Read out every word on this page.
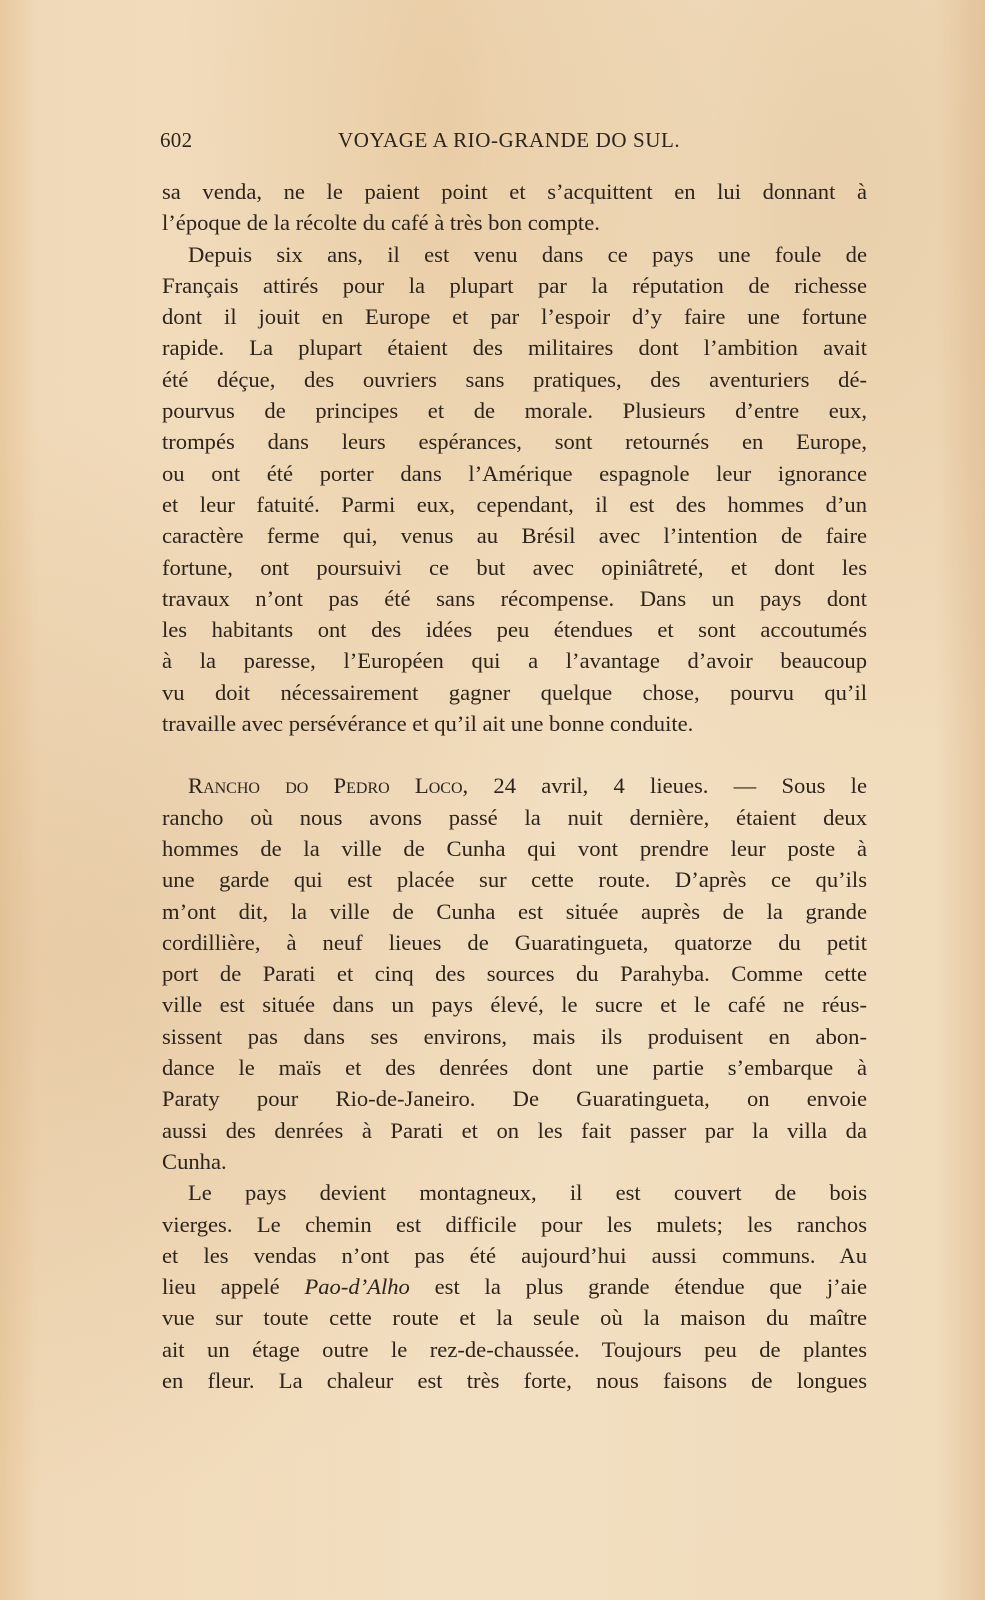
602	VOYAGE A RIO-GRANDE DO SUL.
sa venda, ne le paient point et s’acquittent en lui donnant à
l’époque de la récolte du café à très bon compte.
Depuis six ans, il est venu dans ce pays une foule de
Français attirés pour la plupart par la réputation de richesse
dont il jouit en Europe et par l’espoir d’y faire une fortune
rapide. La plupart étaient des militaires dont l’ambition avait
été déçue, des ouvriers sans pratiques, des aventuriers dé-
pourvus de principes et de morale. Plusieurs d’entre eux,
trompés dans leurs espérances, sont retournés en Europe,
ou ont été porter dans l’Amérique espagnole leur ignorance
et leur fatuité. Parmi eux, cependant, il est des hommes d’un
caractère ferme qui, venus au Brésil avec l’intention de faire
fortune, ont poursuivi ce but avec opiniâtreté, et dont les
travaux n’ont pas été sans récompense. Dans un pays dont
les habitants ont des idées peu étendues et sont accoutumés
à la paresse, l’Européen qui a l’avantage d’avoir beaucoup
vu doit nécessairement gagner quelque chose, pourvu qu’il
travaille avec persévérance et qu’il ait une bonne conduite.
Rancho do Pedro Loco, 24 avril, 4 lieues. — Sous le
rancho où nous avons passé la nuit dernière, étaient deux
hommes de la ville de Cunha qui vont prendre leur poste à
une garde qui est placée sur cette route. D’après ce qu’ils
m’ont dit, la ville de Cunha est située auprès de la grande
cordillière, à neuf lieues de Guaratingueta, quatorze du petit
port de Parati et cinq des sources du Parahyba. Comme cette
ville est située dans un pays élevé, le sucre et le café ne réus-
sissent pas dans ses environs, mais ils produisent en abon-
dance le maïs et des denrées dont une partie s’embarque à
Paraty pour Rio-de-Janeiro. De Guaratingueta, on envoie
aussi des denrées à Parati et on les fait passer par la villa da
Cunha.
Le pays devient montagneux, il est couvert de bois
vierges. Le chemin est difficile pour les mulets; les ranchos
et les vendas n’ont pas été aujourd’hui aussi communs. Au
lieu appelé Pao-d’Alho est la plus grande étendue que j’aie
vue sur toute cette route et la seule où la maison du maître
ait un étage outre le rez-de-chaussée. Toujours peu de plantes
en fleur. La chaleur est très forte, nous faisons de longues
